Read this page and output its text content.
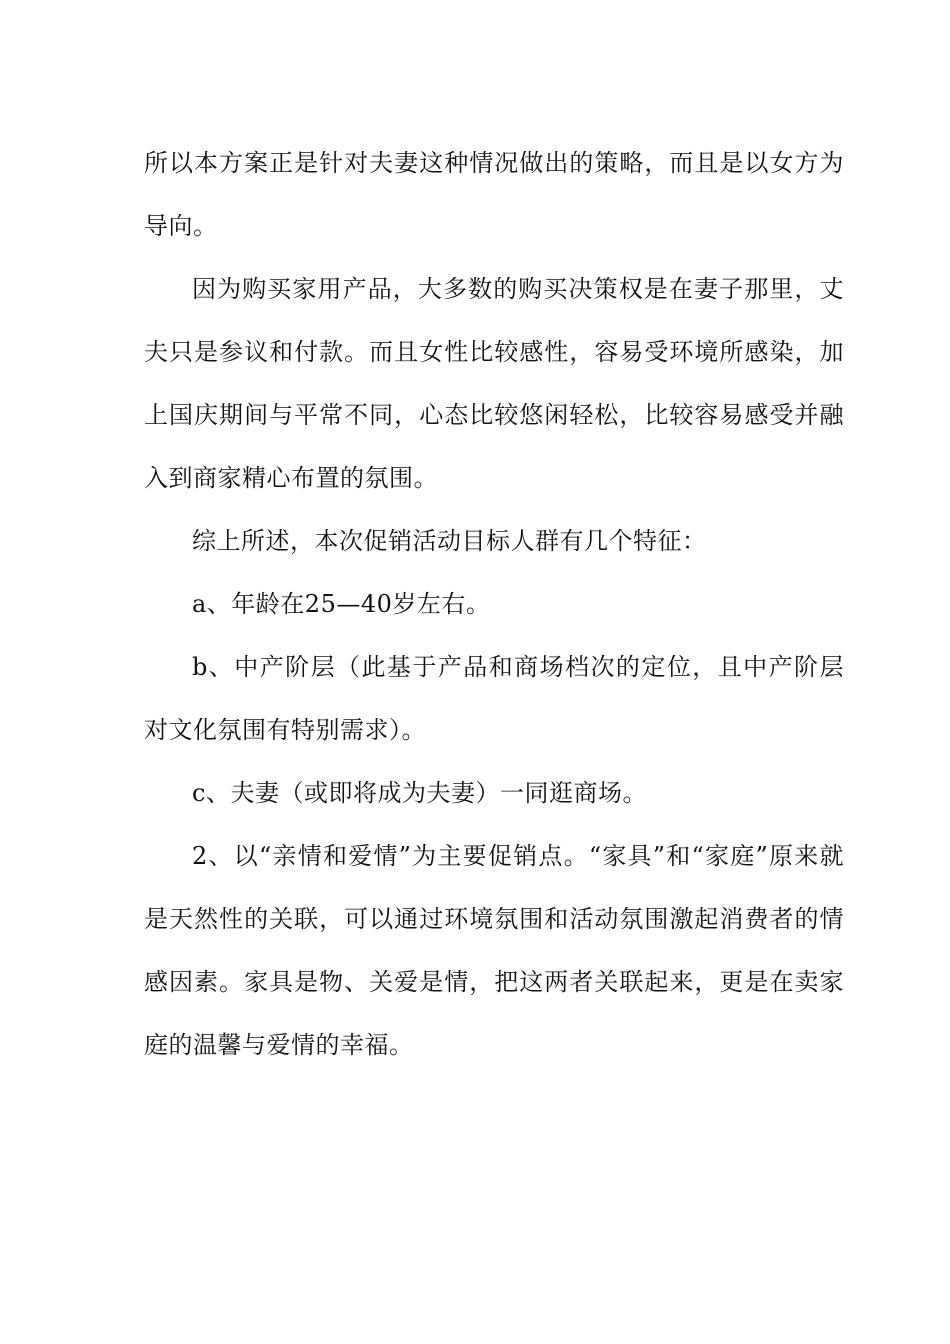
所以本方案正是针对夫妻这种情况做出的策略，而且是以女方为导向。

因为购买家用产品，大多数的购买决策权是在妻子那里，丈夫只是参议和付款。而且女性比较感性，容易受环境所感染，加上国庆期间与平常不同，心态比较悠闲轻松，比较容易感受并融入到商家精心布置的氛围。

综上所述，本次促销活动目标人群有几个特征：

a、年龄在25—40岁左右。

b、中产阶层（此基于产品和商场档次的定位，且中产阶层对文化氛围有特别需求）。

c、夫妻（或即将成为夫妻）一同逛商场。

2、以“亲情和爱情”为主要促销点。“家具”和“家庭”原来就是天然性的关联，可以通过环境氛围和活动氛围激起消费者的情感因素。家具是物、关爱是情，把这两者关联起来，更是在卖家庭的温馨与爱情的幸福。
